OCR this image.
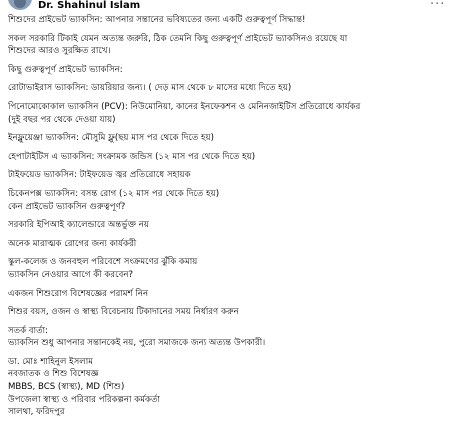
Dr. Shahinul Islam	···
শিশুদের প্রাইভেট ভ্যাকসিন: আপনার সন্তানের ভবিষ্যতের জন্য একটি গুরুত্বপূর্ণ সিদ্ধান্ত!
সকল সরকারি টিকাই যেমন অত্যন্ত জরুরি, ঠিক তেমনি কিছু গুরুত্বপূর্ণ প্রাইভেট ভ্যাকসিনও রয়েছে যা
শিশুদের আরও সুরক্ষিত রাখে।
কিছু গুরুত্বপূর্ণ প্রাইভেট ভ্যাকসিন:
রোটাভাইরাস ভ্যাকসিন: ডায়রিয়ার জন্য। ( দেড় মাস থেকে ৮ মাসের মধ্যে দিতে হয়)
পিনোমোকোকাল ভ্যাকসিন (PCV): নিউমোনিয়া, কানের ইনফেকশন ও মেনিনজাইটিস প্রতিরোধে কার্যকর
(দুই বছর পর থেকে দেওয়া যায়)
ইনফ্লুয়েঞ্জা ভ্যাকসিন: মৌসুমি ফ্লু(ছয় মাস পর থেকে দিতে হয়)
হেপাটাইটিস এ ভ্যাকসিন: সংক্রামক জন্ডিস (১২ মাস পর থেকে দিতে হয়)
টাইফয়েড ভ্যাকসিন: টাইফয়েড জ্বর প্রতিরোধে সহায়ক
চিকেনপক্স ভ্যাকসিন: বসন্ত রোগ (১২ মাস পর থেকে দিতে হয়)
কেন প্রাইভেট ভ্যাকসিন গুরুত্বপূর্ণ?
সরকারি ইপিআই ক্যালেন্ডারে অন্তর্ভুক্ত নয়
অনেক মারাত্মক রোগের জন্য কার্যকরী
স্কুল-কলেজ ও জনবহুল পরিবেশে সংক্রমণের ঝুঁকি কমায়
ভ্যাকসিন নেওয়ার আগে কী করবেন?
একজন শিশুরোগ বিশেষজ্ঞের পরামর্শ নিন
শিশুর বয়স, ওজন ও স্বাস্থ্য বিবেচনায় টিকাদানের সময় নির্ধারণ করুন
সতর্ক বার্তা:
ভ্যাকসিন শুধু আপনার সন্তানকেই নয়, পুরো সমাজকে জন্য অত্যন্ত উপকারী।
ডা. মোঃ শাহিনুল ইসলাম
নবজাতক ও শিশু বিশেষজ্ঞ
MBBS, BCS (স্বাস্থ্য), MD (শিশু)
উপজেলা স্বাস্থ্য ও পরিবার পরিকল্পনা কর্মকর্তা
সালথা, ফরিদপুর
